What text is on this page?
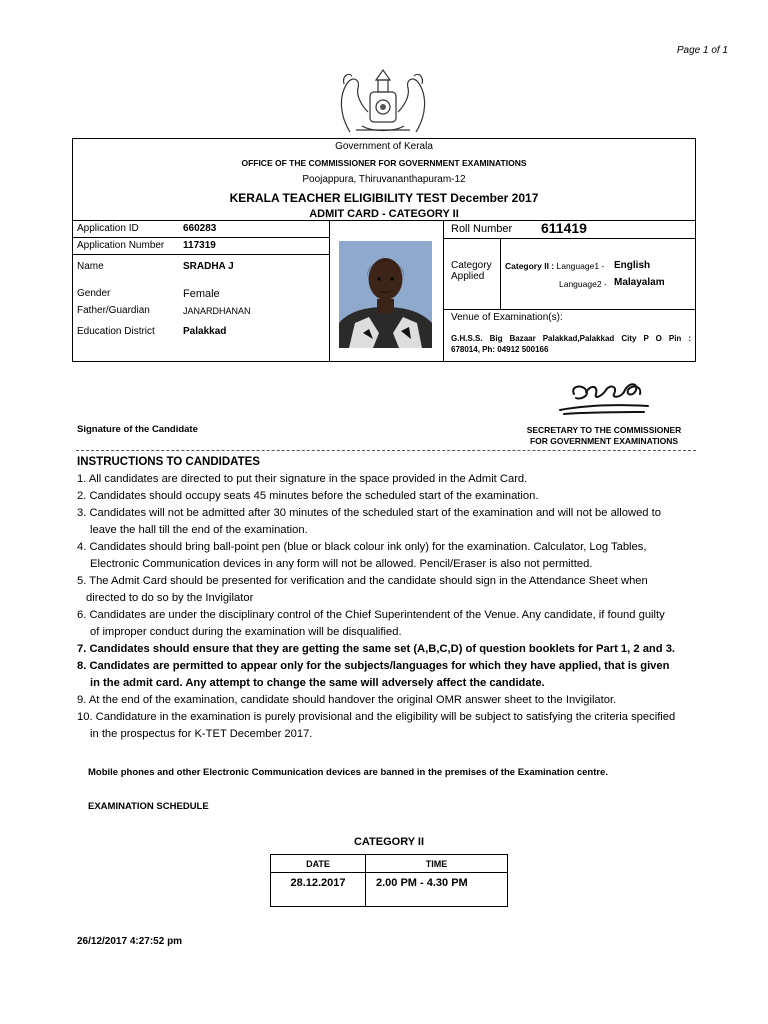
Page 1 of 1
Government of Kerala
OFFICE OF THE COMMISSIONER FOR GOVERNMENT EXAMINATIONS
Poojappura, Thiruvananthapuram-12
KERALA TEACHER ELIGIBILITY TEST December 2017
ADMIT CARD - CATEGORY II
Application ID	660283
Application Number 117319
Name	SRADHA J
Gender	Female
Father/Guardian	JANARDHANAN
Education District	Palakkad
Roll Number 611419
Category
Applied
Category II : Language1 - English
Language2 - Malayalam
Venue of Examination(s):
G.H.S.S. Big Bazaar Palakkad,Palakkad City P O Pin :
678014, Ph: 04912 500166
Signature of the Candidate	SECRETARY TO THE COMMISSIONER
FOR GOVERNMENT EXAMINATIONS
INSTRUCTIONS TO CANDIDATES
1. All candidates are directed to put their signature in the space provided in the Admit Card.
2. Candidates should occupy seats 45 minutes before the scheduled start of the examination.
3. Candidates will not be admitted after 30 minutes of the scheduled start of the examination and will not be allowed to
leave the hall till the end of the examination.
4. Candidates should bring ball-point pen (blue or black colour ink only) for the examination. Calculator, Log Tables,
Electronic Communication devices in any form will not be allowed. Pencil/Eraser is also not permitted.
5. The Admit Card should be presented for verification and the candidate should sign in the Attendance Sheet when
directed to do so by the Invigilator
6. Candidates are under the disciplinary control of the Chief Superintendent of the Venue. Any candidate, if found guilty
of improper conduct during the examination will be disqualified.
7. Candidates should ensure that they are getting the same set (A,B,C,D) of question booklets for Part 1, 2 and 3.
8. Candidates are permitted to appear only for the subjects/languages for which they have applied, that is given
in the admit card. Any attempt to change the same will adversely affect the candidate.
9. At the end of the examination, candidate should handover the original OMR answer sheet to the Invigilator.
10. Candidature in the examination is purely provisional and the eligibility will be subject to satisfying the criteria specified
in the prospectus for K-TET December 2017.
Mobile phones and other Electronic Communication devices are banned in the premises of the Examination centre.
EXAMINATION SCHEDULE
CATEGORY II
DATE	TIME
28.12.2017	2.00 PM - 4.30 PM
26/12/2017 4:27:52 pm
